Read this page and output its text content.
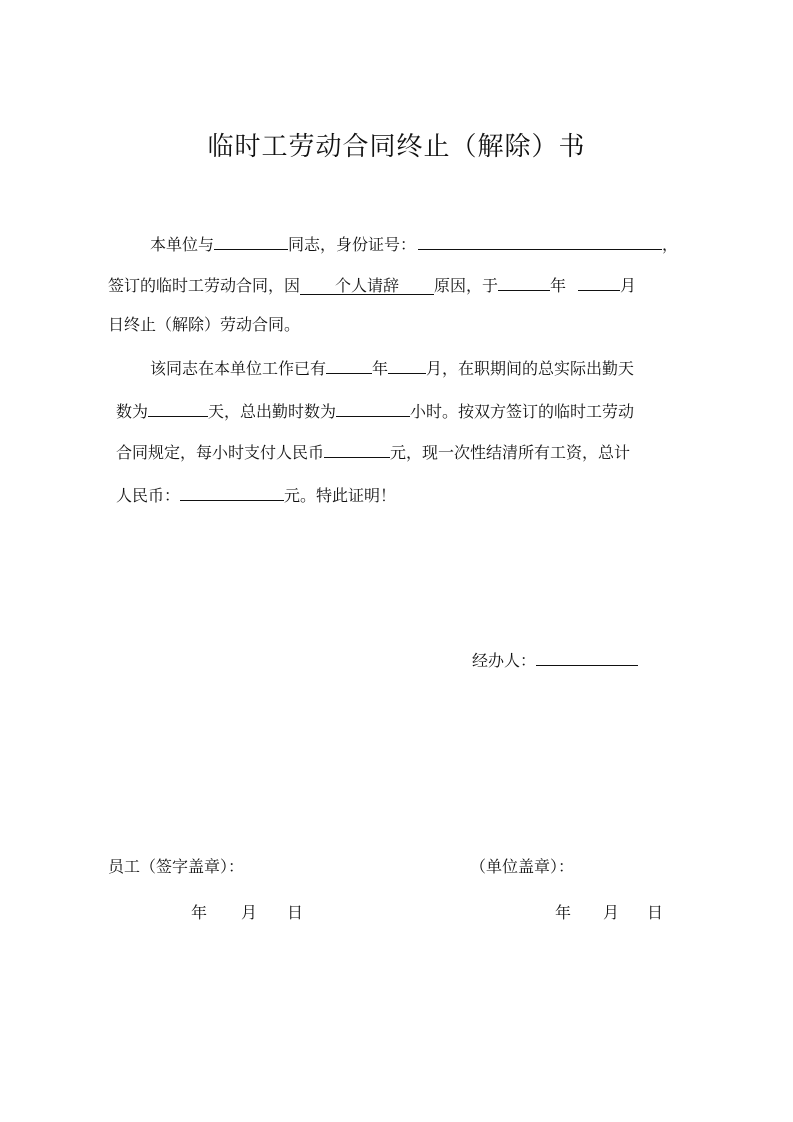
临时工劳动合同终止（解除）书
本单位与	同志，身份证号：	，
签订的临时工劳动合同，因 个人请辞 原因，于	年	月
日终止（解除）劳动合同。
该同志在本单位工作已有	年 月，在职期间的总实际出勤天
数为	天，总出勤时数为	小时。按双方签订的临时工劳动
合同规定，每小时支付人民币	元，现一次性结清所有工资，总计
人民币：	元。特此证明！
经办人：
员工（签字盖章）：	（单位盖章）：
年 月 日	年 月 日
